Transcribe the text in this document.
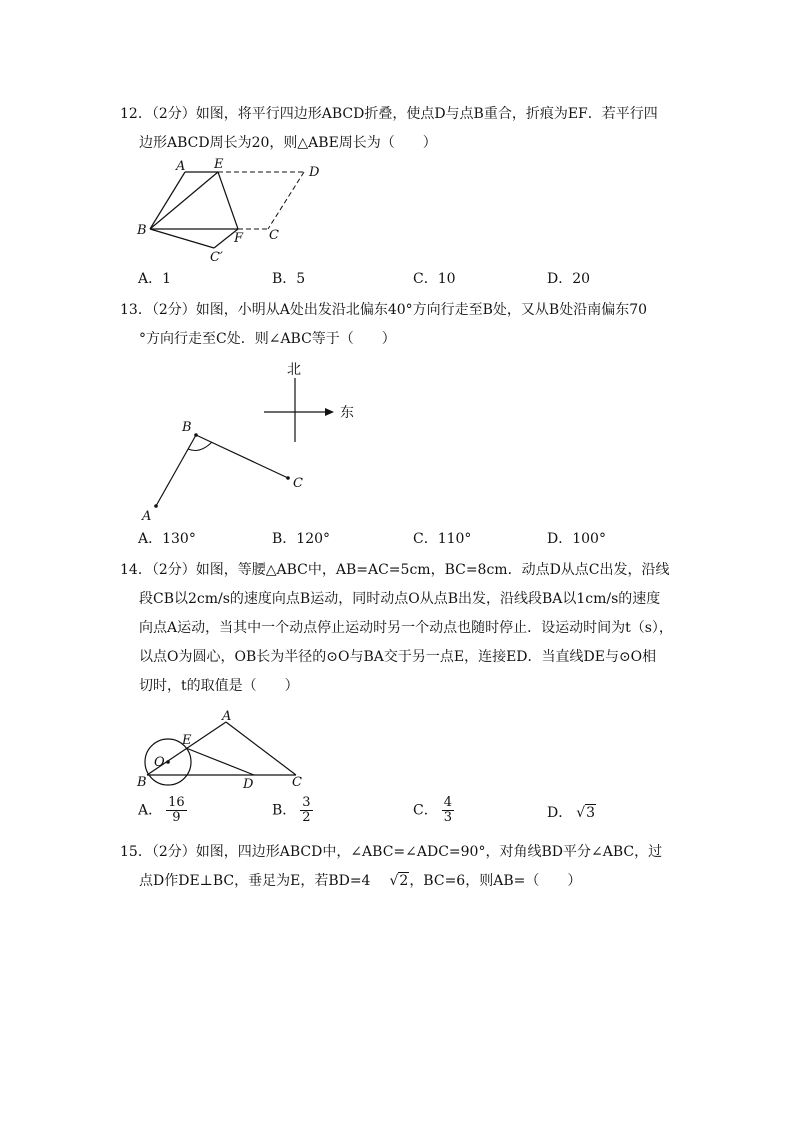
12．（2分）如图，将平行四边形ABCD折叠，使点D与点B重合，折痕为EF．若平行四

边形ABCD周长为20，则△ABE周长为（　　）

A E
D
B
F C
C′
A．1	B．5	C．10	D．20

13．（2分）如图，小明从A处出发沿北偏东40°方向行走至B处，又从B处沿南偏东70

°方向行走至C处．则∠ABC等于（　　）

北
东
A
B
C
A．130°	B．120°	C．110°	D．100°

14．（2分）如图，等腰△ABC中，AB=AC=5cm，BC=8cm．动点D从点C出发，沿线

段CB以2cm/s的速度向点B运动，同时动点O从点B出发，沿线段BA以1cm/s的速度

向点A运动，当其中一个动点停止运动时另一个动点也随时停止．设运动时间为t（s），

以点O为圆心，OB长为半径的⊙O与BA交于另一点E，连接ED．当直线DE与⊙O相

切时，t的取值是（　　）

A
E
O
B	D	C
A． $\frac{16}{9}$	B． $\frac{3}{2}$	C． $\frac{4}{3}$	D． √3

15．（2分）如图，四边形ABCD中，∠ABC=∠ADC=90°，对角线BD平分∠ABC，过

点D作DE⊥BC，垂足为E，若BD=4 √2，BC=6，则AB=（　　）
